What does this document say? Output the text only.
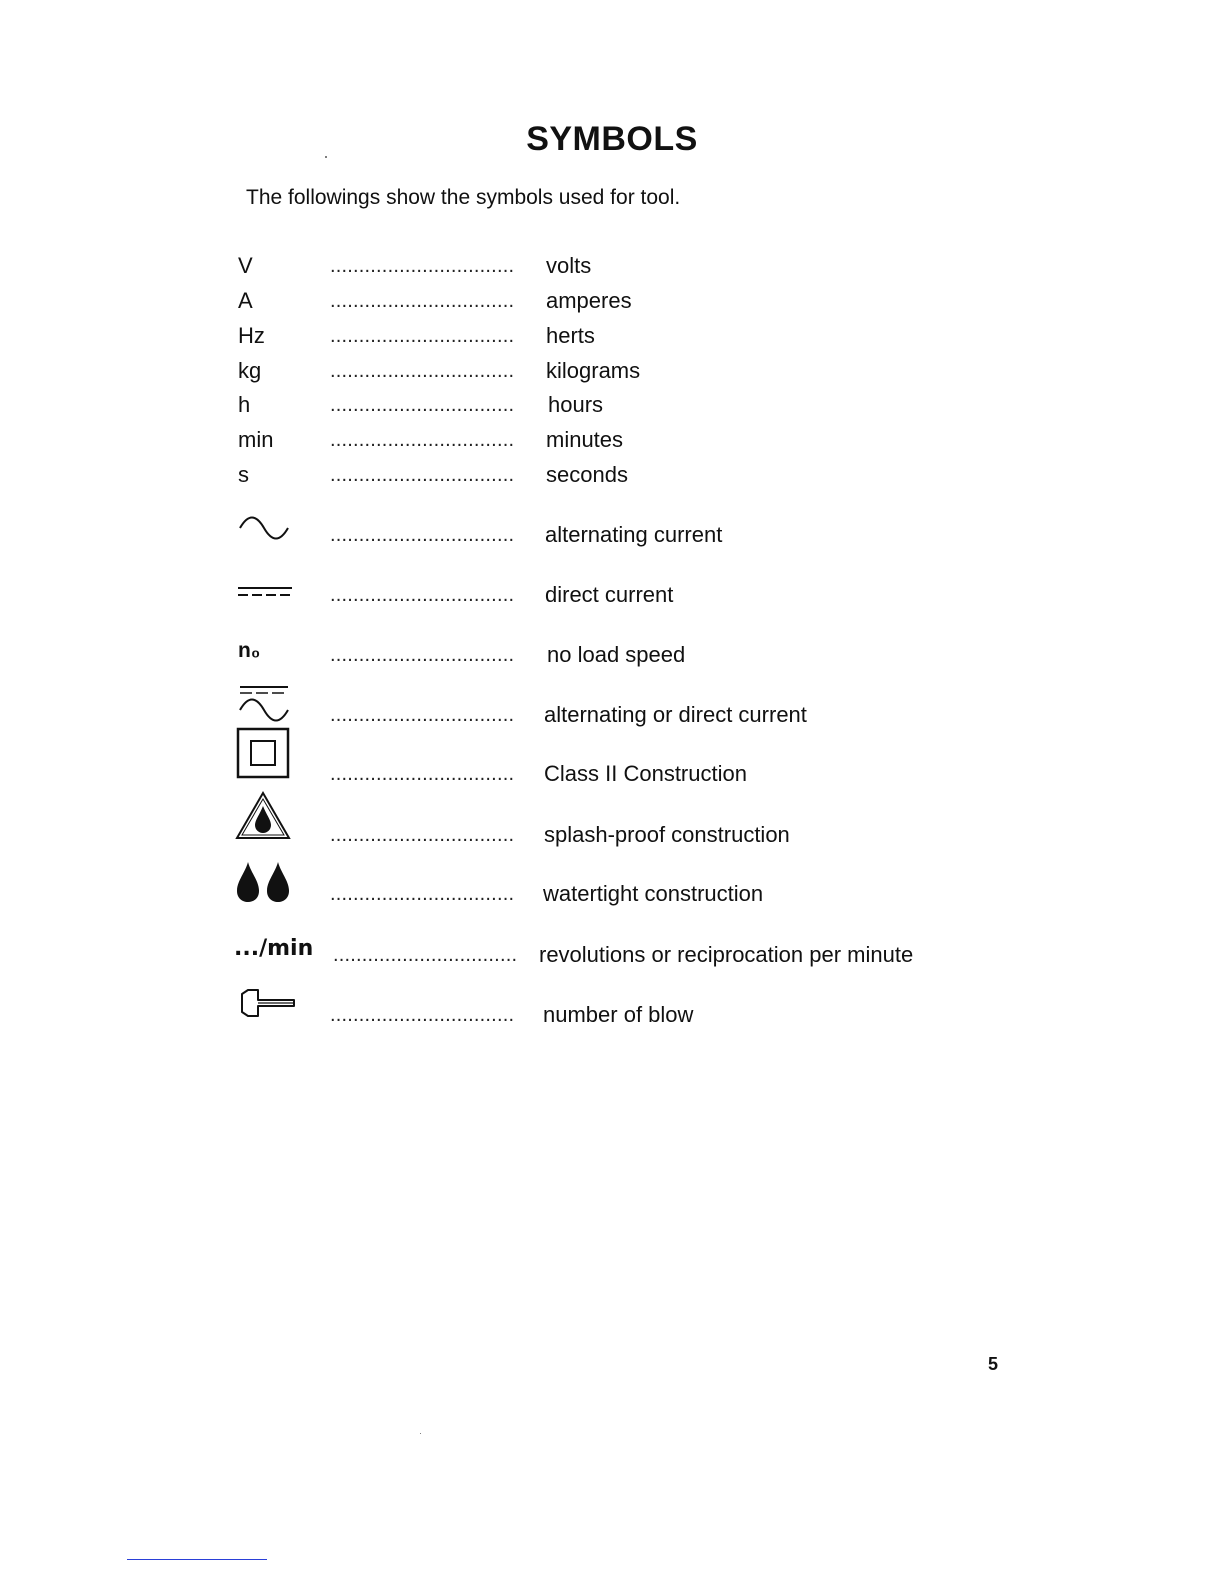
SYMBOLS

The followings show the symbols used for tool.

V	................................ volts
A	................................ amperes
Hz	................................ herts
kg	................................ kilograms
h	................................ hours
min	................................ minutes
s	................................ seconds
................................ alternating current
................................ direct current
n₀	................................ no load speed
................................ alternating or direct current
................................ Class II Construction
................................ splash-proof construction
................................ watertight construction
.../min ................................ revolutions or reciprocation per minute
................................ number of blow
5
